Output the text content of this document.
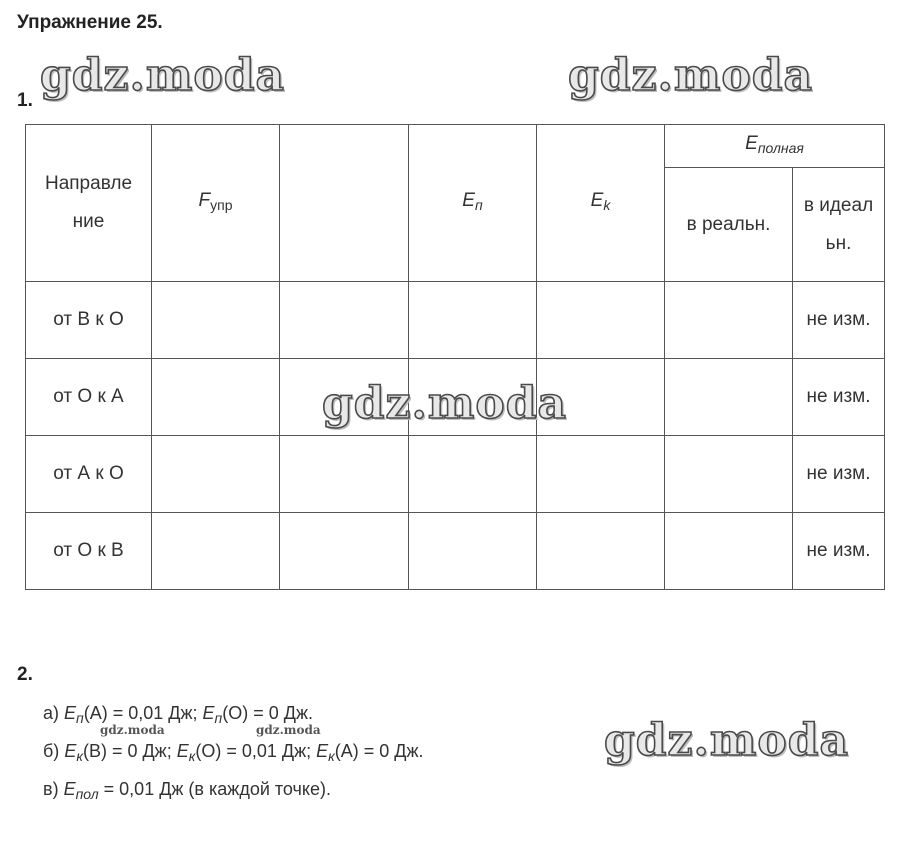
Упражнение 25.
1. gdz.moda	gdz.moda
Направле ние	$F_{упр}$		$E_п$	$E_k$	$E_{полная}$
					в реальн.	в идеал ьн.
от В к О						не изм.
от О к А						не изм.
от А к О						не изм.
от О к В						не изм.
gdz.moda
2.
а) $E_п(А) = 0,01$ Дж; $E_п(О) = 0$ Дж.
б) $E_к(В) = 0$ Дж; $E_к(О) = 0,01$ Дж; $E_к(А) = 0$ Дж.
в) $E_{пол} = 0,01$ Дж (в каждой точке).
gdz.moda	gdz.moda	gdz.moda
